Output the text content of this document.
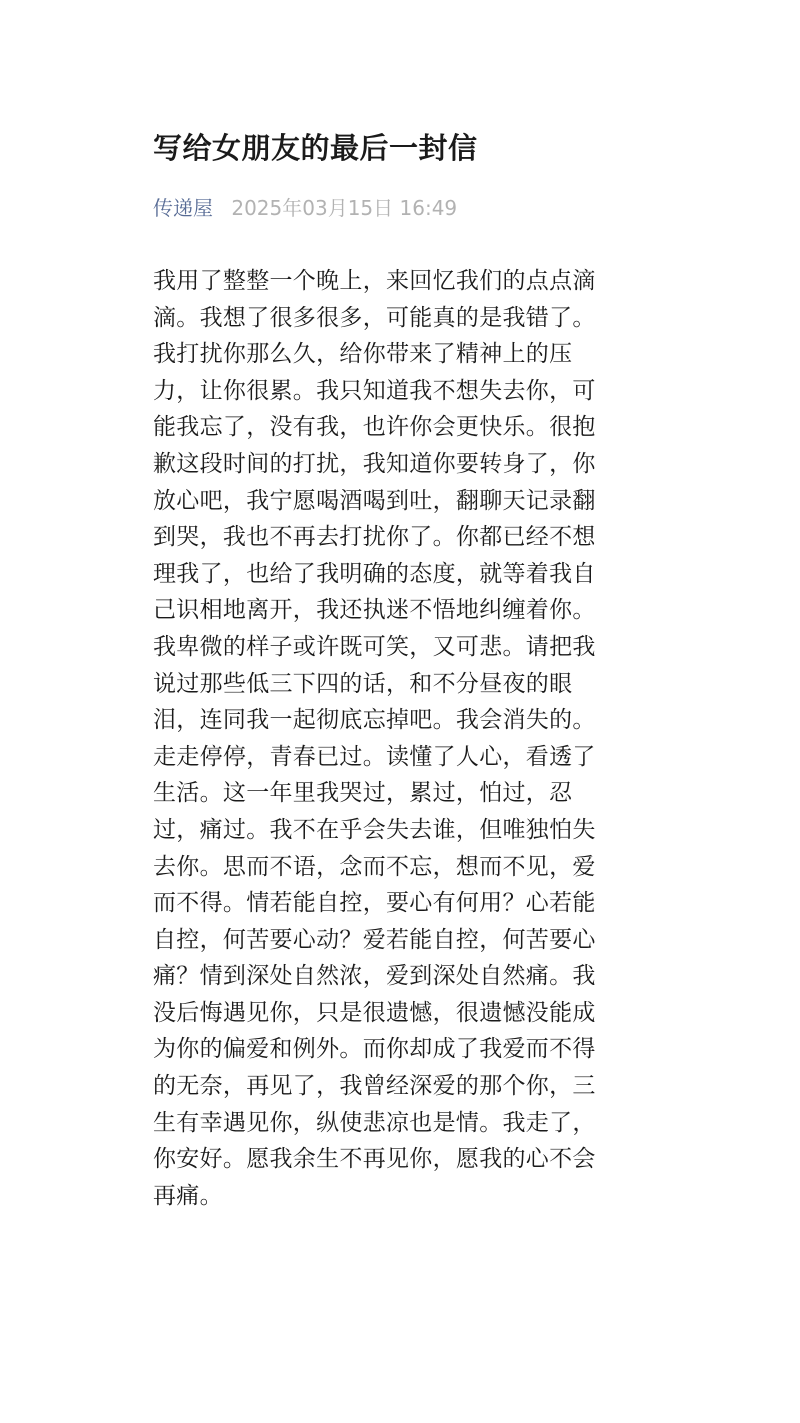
写给女朋友的最后一封信
传递屋 2025年03月15日 16:49
我用了整整一个晚上，来回忆我们的点点滴
滴。我想了很多很多，可能真的是我错了。
我打扰你那么久，给你带来了精神上的压
力，让你很累。我只知道我不想失去你，可
能我忘了，没有我，也许你会更快乐。很抱
歉这段时间的打扰，我知道你要转身了，你
放心吧，我宁愿喝酒喝到吐，翻聊天记录翻
到哭，我也不再去打扰你了。你都已经不想
理我了，也给了我明确的态度，就等着我自
己识相地离开，我还执迷不悟地纠缠着你。
我卑微的样子或许既可笑，又可悲。请把我
说过那些低三下四的话，和不分昼夜的眼
泪，连同我一起彻底忘掉吧。我会消失的。
走走停停，青春已过。读懂了人心，看透了
生活。这一年里我哭过，累过，怕过，忍
过，痛过。我不在乎会失去谁，但唯独怕失
去你。思而不语，念而不忘，想而不见，爱
而不得。情若能自控，要心有何用？心若能
自控，何苦要心动？爱若能自控，何苦要心
痛？情到深处自然浓，爱到深处自然痛。我
没后悔遇见你，只是很遗憾，很遗憾没能成
为你的偏爱和例外。而你却成了我爱而不得
的无奈，再见了，我曾经深爱的那个你，三
生有幸遇见你，纵使悲凉也是情。我走了，
你安好。愿我余生不再见你，愿我的心不会
再痛。
